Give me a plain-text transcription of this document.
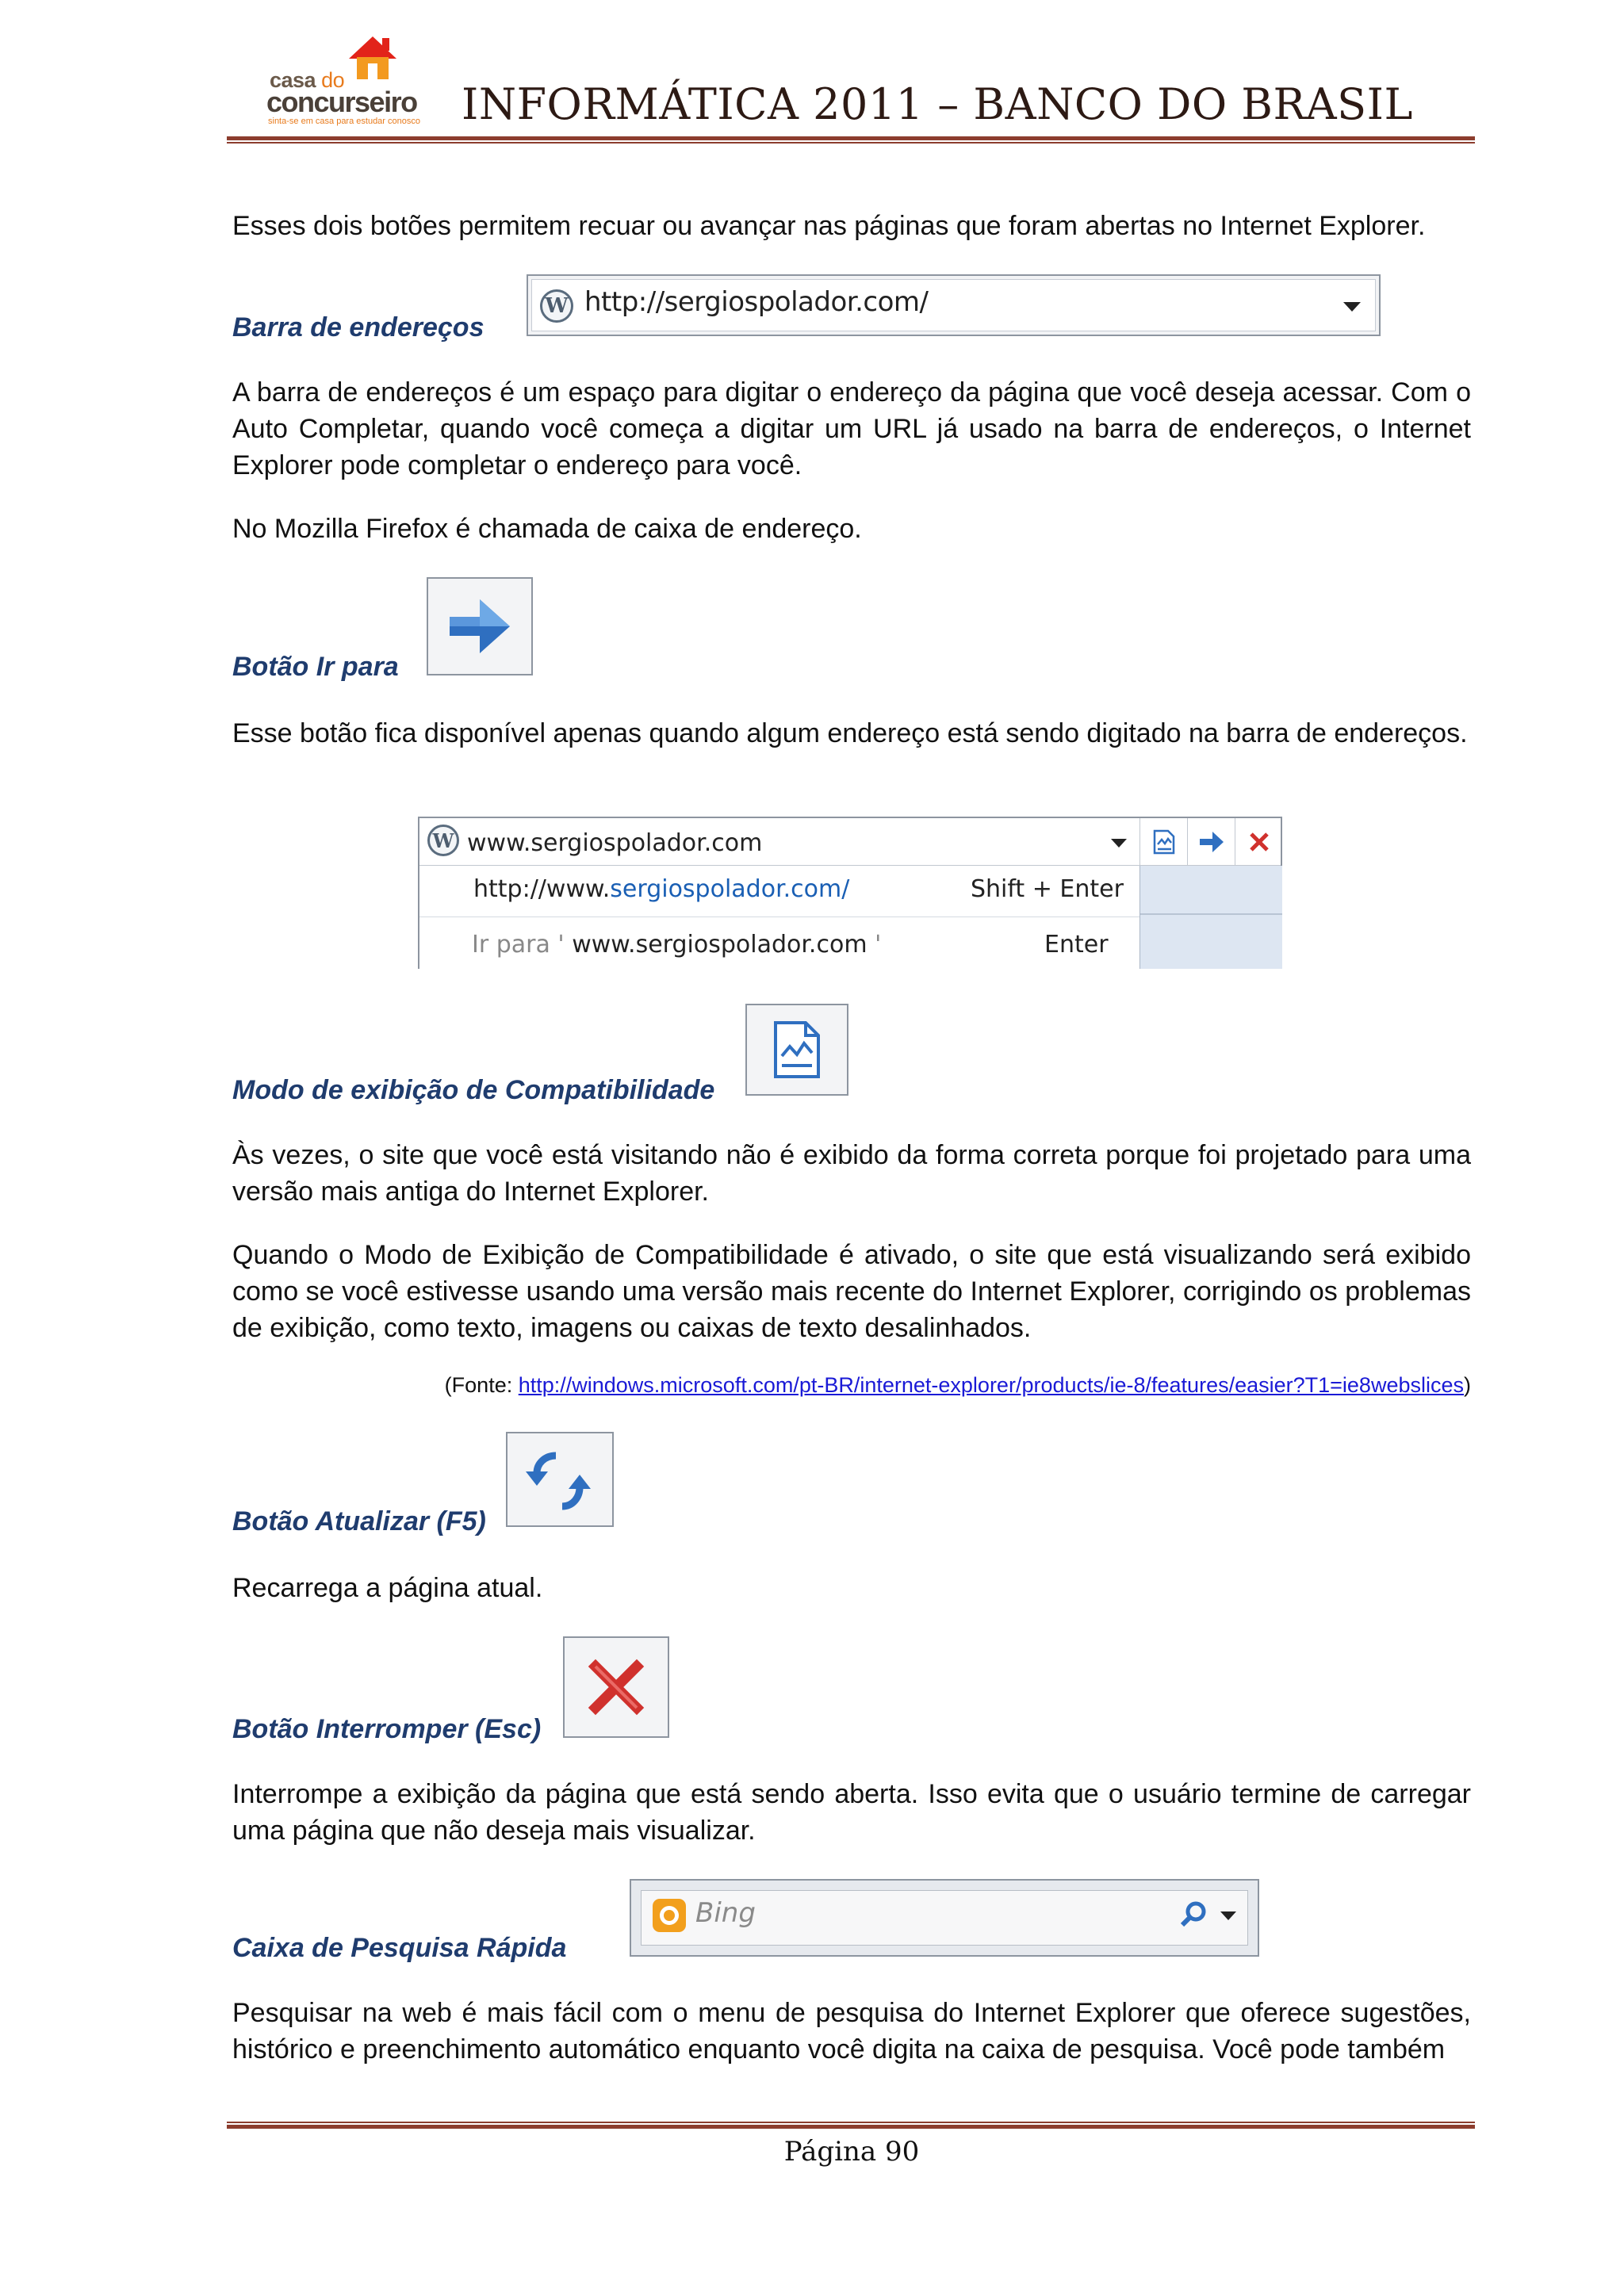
casa do
concurseiro
sinta-se em casa para estudar conosco INFORMÁTICA 2011 – BANCO DO BRASIL
Esses dois botões permitem recuar ou avançar nas páginas que foram abertas no Internet Explorer.
Barra de endereços
W http://sergiospolador.com/
A barra de endereços é um espaço para digitar o endereço da página que você deseja acessar. Com o Auto Completar, quando você começa a digitar um URL já usado na barra de endereços, o Internet Explorer pode completar o endereço para você.
No Mozilla Firefox é chamada de caixa de endereço.
Botão Ir para
Esse botão fica disponível apenas quando algum endereço está sendo digitado na barra de endereços.
W www.sergiospolador.com
http://www.sergiospolador.com/	Shift + Enter
Ir para ' www.sergiospolador.com '	Enter
Modo de exibição de Compatibilidade
Às vezes, o site que você está visitando não é exibido da forma correta porque foi projetado para uma versão mais antiga do Internet Explorer.
Quando o Modo de Exibição de Compatibilidade é ativado, o site que está visualizando será exibido como se você estivesse usando uma versão mais recente do Internet Explorer, corrigindo os problemas de exibição, como texto, imagens ou caixas de texto desalinhados.
(Fonte: http://windows.microsoft.com/pt-BR/internet-explorer/products/ie-8/features/easier?T1=ie8webslices)
Botão Atualizar (F5)
Recarrega a página atual.
Botão Interromper (Esc)
Interrompe a exibição da página que está sendo aberta. Isso evita que o usuário termine de carregar uma página que não deseja mais visualizar.
Caixa de Pesquisa Rápida
Bing
Pesquisar na web é mais fácil com o menu de pesquisa do Internet Explorer que oferece sugestões, histórico e preenchimento automático enquanto você digita na caixa de pesquisa. Você pode também
Página 90
